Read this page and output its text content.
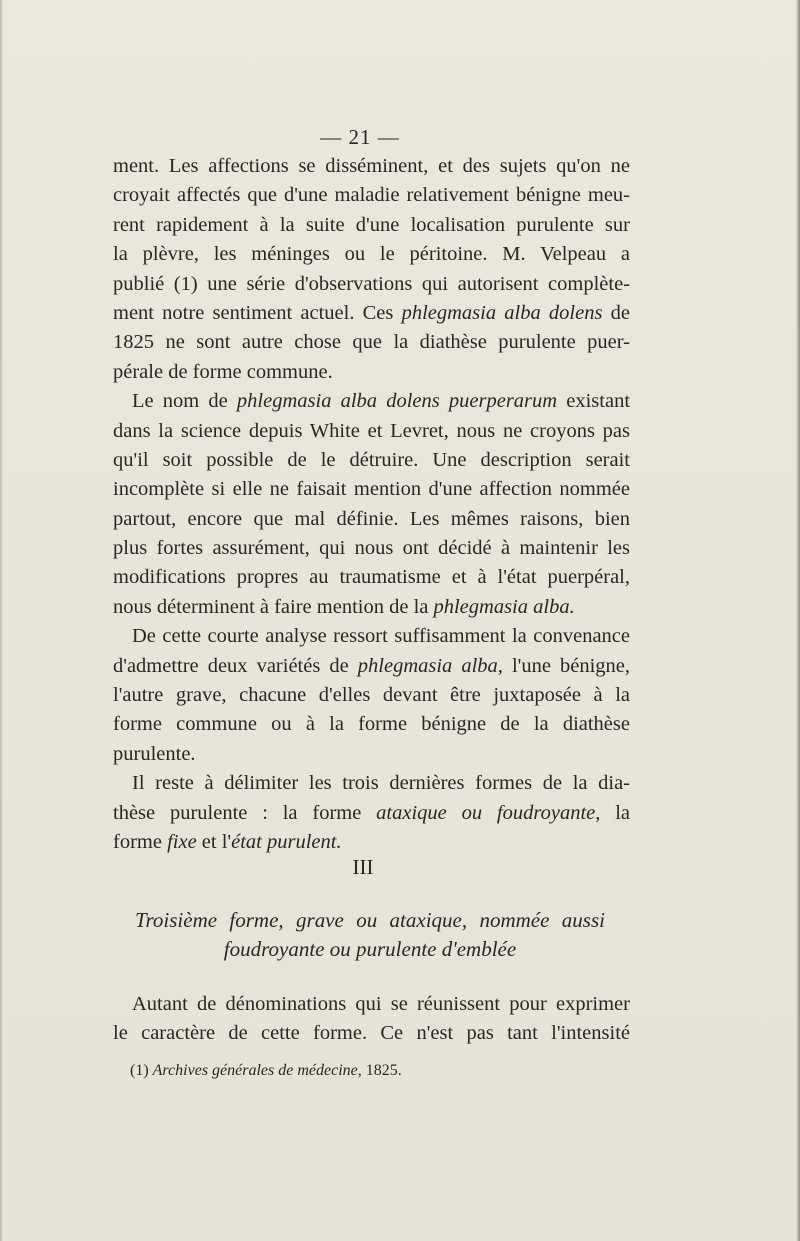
— 21 —
ment. Les affections se disséminent, et des sujets qu'on ne
croyait affectés que d'une maladie relativement bénigne meu-
rent rapidement à la suite d'une localisation purulente sur
la plèvre, les méninges ou le péritoine. M. Velpeau a
publié (1) une série d'observations qui autorisent complète-
ment notre sentiment actuel. Ces phlegmasia alba dolens de
1825 ne sont autre chose que la diathèse purulente puer-
pérale de forme commune.
Le nom de phlegmasia alba dolens puerperarum existant
dans la science depuis White et Levret, nous ne croyons pas
qu'il soit possible de le détruire. Une description serait
incomplète si elle ne faisait mention d'une affection nommée
partout, encore que mal définie. Les mêmes raisons, bien
plus fortes assurément, qui nous ont décidé à maintenir les
modifications propres au traumatisme et à l'état puerpéral,
nous déterminent à faire mention de la phlegmasia alba.
De cette courte analyse ressort suffisamment la convenance
d'admettre deux variétés de phlegmasia alba, l'une bénigne,
l'autre grave, chacune d'elles devant être juxtaposée à la
forme commune ou à la forme bénigne de la diathèse
purulente.
Il reste à délimiter les trois dernières formes de la dia-
thèse purulente : la forme ataxique ou foudroyante, la
forme fixe et l'état purulent.
III
Troisième forme, grave ou ataxique, nommée aussi
foudroyante ou purulente d'emblée
Autant de dénominations qui se réunissent pour exprimer
le caractère de cette forme. Ce n'est pas tant l'intensité
(1) Archives générales de médecine, 1825.
